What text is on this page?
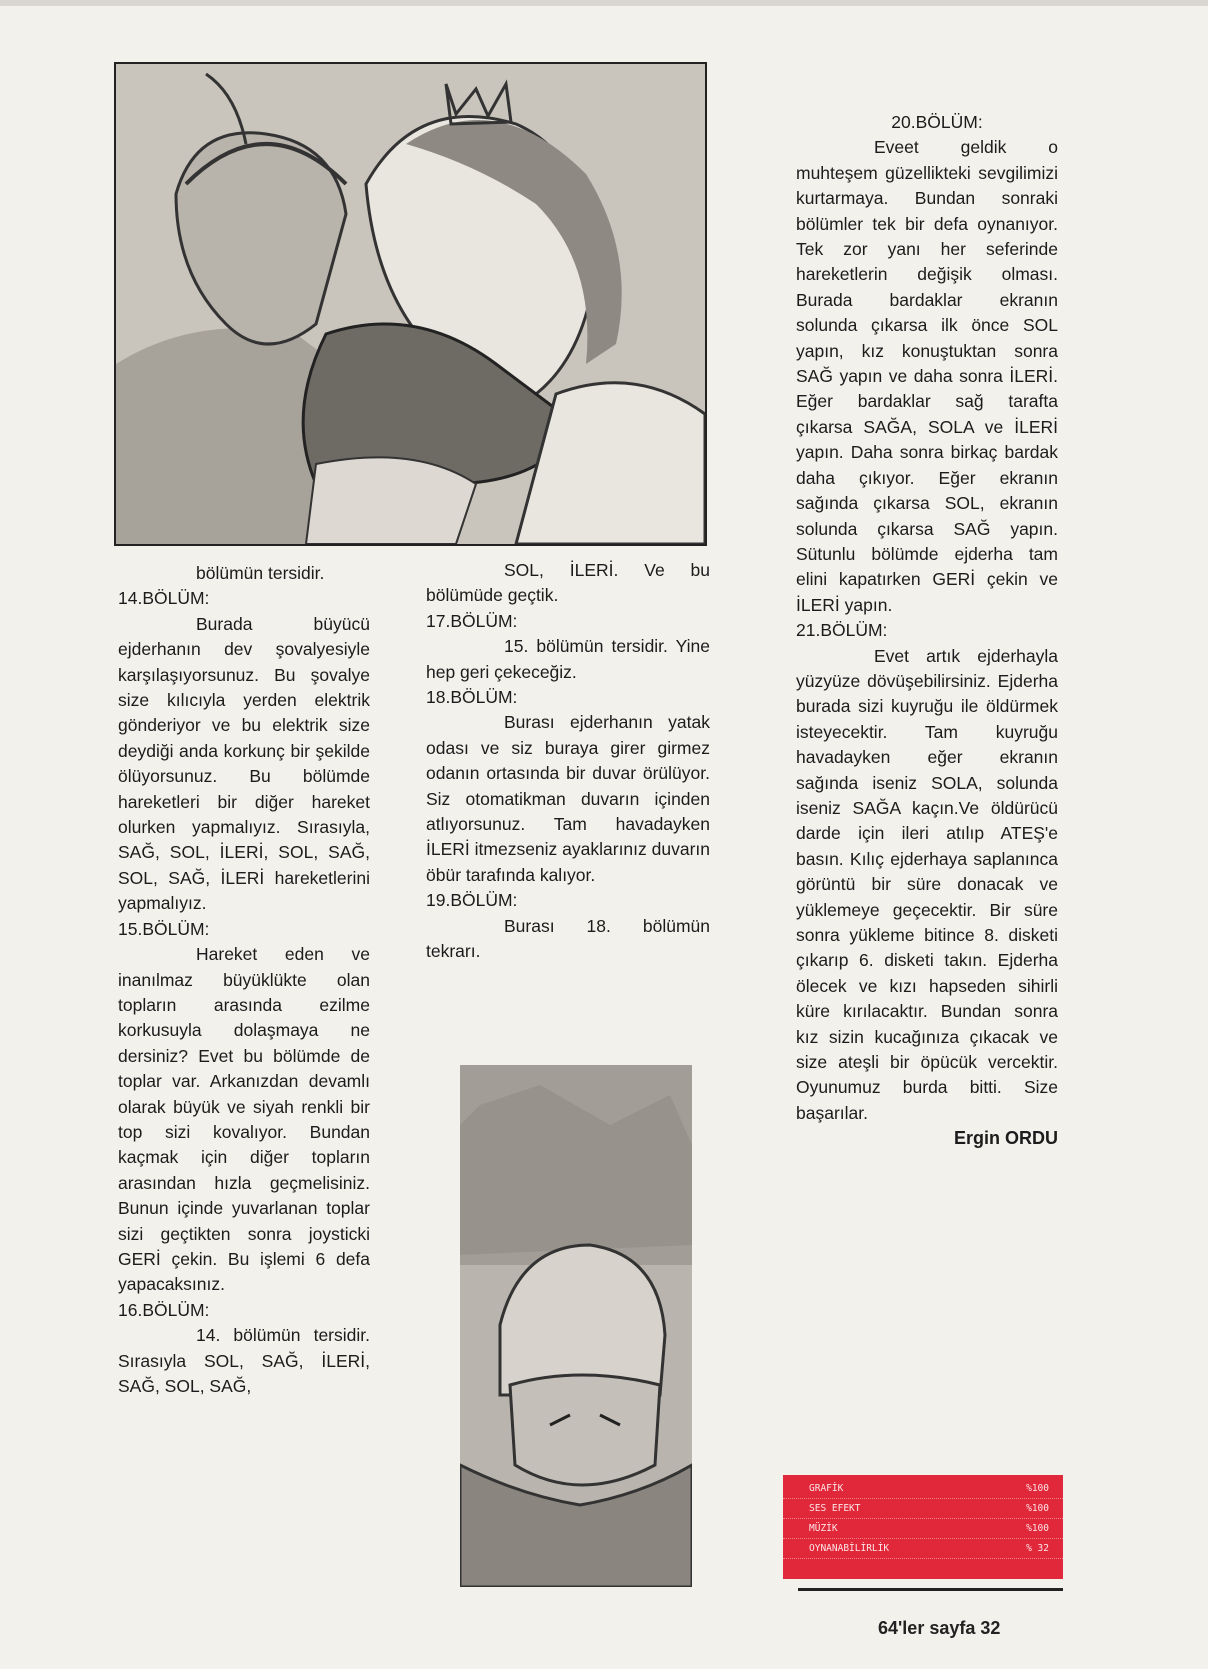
bölümün tersidir.

14.BÖLÜM:

Burada büyücü ejderhanın dev şovalyesiyle karşılaşıyorsunuz. Bu şovalye size kılıcıyla yerden elektrik gönderiyor ve bu elektrik size deydiği anda korkunç bir şekilde ölüyorsunuz. Bu bölümde hareketleri bir diğer hareket olurken yapmalıyız. Sırasıyla, SAĞ, SOL, İLERİ, SOL, SAĞ, SOL, SAĞ, İLERİ hareketlerini yapmalıyız.

15.BÖLÜM:

Hareket eden ve inanılmaz büyüklükte olan topların arasında ezilme korkusuyla dolaşmaya ne dersiniz? Evet bu bölümde de toplar var. Arkanızdan devamlı olarak büyük ve siyah renkli bir top sizi kovalıyor. Bundan kaçmak için diğer topların arasından hızla geçmelisiniz. Bunun içinde yuvarlanan toplar sizi geçtikten sonra joysticki GERİ çekin. Bu işlemi 6 defa yapacaksınız.

16.BÖLÜM:

14. bölümün tersidir. Sırasıyla SOL, SAĞ, İLERİ, SAĞ, SOL, SAĞ,

SOL, İLERİ. Ve bu bölümüde geçtik.

17.BÖLÜM:

15. bölümün tersidir. Yine hep geri çekeceğiz.

18.BÖLÜM:

Burası ejderhanın yatak odası ve siz buraya girer girmez odanın ortasında bir duvar örülüyor. Siz otomatikman duvarın içinden atlıyorsunuz. Tam havadayken İLERİ itmezseniz ayaklarınız duvarın öbür tarafında kalıyor.

19.BÖLÜM:

Burası 18. bölümün tekrarı.

20.BÖLÜM:

Eveet geldik o muhteşem güzellikteki sevgilimizi kurtarmaya. Bundan sonraki bölümler tek bir defa oynanıyor. Tek zor yanı her seferinde hareketlerin değişik olması. Burada bardaklar ekranın solunda çıkarsa ilk önce SOL yapın, kız konuştuktan sonra SAĞ yapın ve daha sonra İLERİ. Eğer bardaklar sağ tarafta çıkarsa SAĞA, SOLA ve İLERİ yapın. Daha sonra birkaç bardak daha çıkıyor. Eğer ekranın sağında çıkarsa SOL, ekranın solunda çıkarsa SAĞ yapın. Sütunlu bölümde ejderha tam elini kapatırken GERİ çekin ve İLERİ yapın.

21.BÖLÜM:

Evet artık ejderhayla yüzyüze dövüşebilirsiniz. Ejderha burada sizi kuyruğu ile öldürmek isteyecektir. Tam kuyruğu havadayken eğer ekranın sağında iseniz SOLA, solunda iseniz SAĞA kaçın.Ve öldürücü darde için ileri atılıp ATEŞ'e basın. Kılıç ejderhaya saplanınca görüntü bir süre donacak ve yüklemeye geçecektir. Bir süre sonra yükleme bitince 8. disketi çıkarıp 6. disketi takın. Ejderha ölecek ve kızı hapseden sihirli küre kırılacaktır. Bundan sonra kız sizin kucağınıza çıkacak ve size ateşli bir öpücük vercektir. Oyunumuz burda bitti. Size başarılar.

Ergin ORDU

GRAFİK	%100
SES EFEKT	%100
MÜZİK	%100
OYNANABİLİRLİK	% 32
64'ler sayfa 32
